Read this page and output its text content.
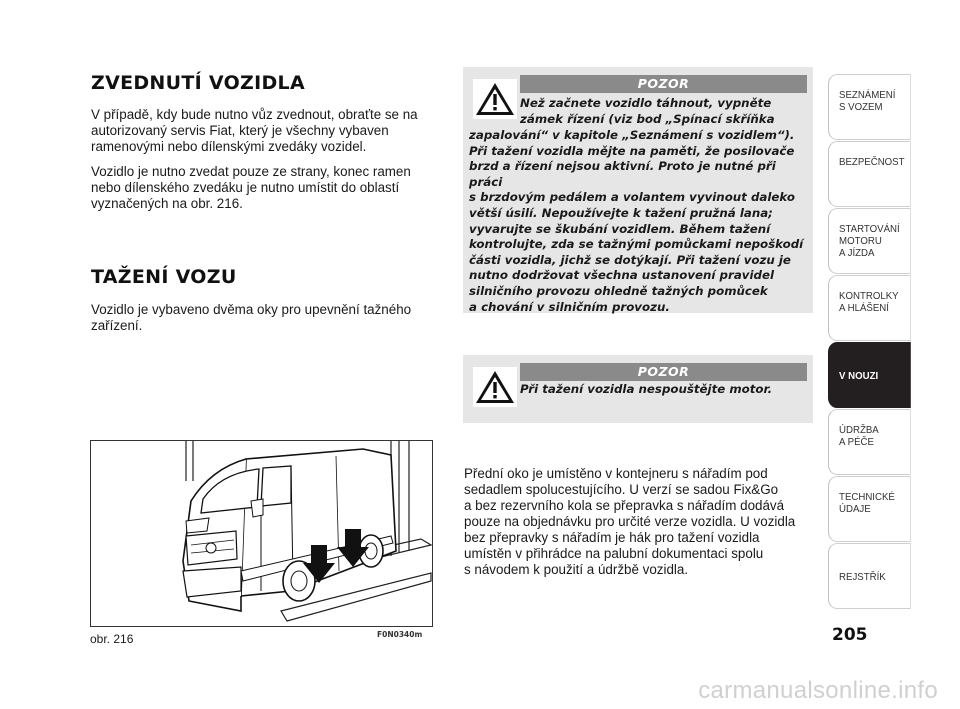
ZVEDNUTÍ VOZIDLA

V případě, kdy bude nutno vůz zvednout, obraťte se na
autorizovaný servis Fiat, který je všechny vybaven
ramenovými nebo dílenskými zvedáky vozidel.

Vozidlo je nutno zvedat pouze ze strany, konec ramen
nebo dílenského zvedáku je nutno umístit do oblastí
vyznačených na obr. 216.

TAŽENÍ VOZU

Vozidlo je vybaveno dvěma oky pro upevnění tažného
zařízení.

POZOR

Než začnete vozidlo táhnout, vypněte
zámek řízení (viz bod „Spínací skříňka

zapalování“ v kapitole „Seznámení s vozidlem“).
Při tažení vozidla mějte na paměti, že posilovače
brzd a řízení nejsou aktivní. Proto je nutné při práci
s brzdovým pedálem a volantem vyvinout daleko
větší úsilí. Nepoužívejte k tažení pružná lana;
vyvarujte se škubání vozidlem. Během tažení
kontrolujte, zda se tažnými pomůckami nepoškodí
části vozidla, jichž se dotýkají. Při tažení vozu je
nutno dodržovat všechna ustanovení pravidel
silničního provozu ohledně tažných pomůcek
a chování v silničním provozu.

POZOR

Při tažení vozidla nespouštějte motor.

Přední oko je umístěno v kontejneru s nářadím pod
sedadlem spolucestujícího. U verzí se sadou Fix&Go
a bez rezervního kola se přepravka s nářadím dodává
pouze na objednávku pro určité verze vozidla. U vozidla
bez přepravky s nářadím je hák pro tažení vozidla
umístěn v přihrádce na palubní dokumentaci spolu
s návodem k použití a údržbě vozidla.

obr. 216	F0N0340m
SEZNÁMENÍ
S VOZEM
BEZPEČNOST
STARTOVÁNÍ
MOTORU
A JÍZDA
KONTROLKY
A HLÁŠENÍ
V NOUZI
ÚDRŽBA
A PÉČE
TECHNICKÉ
ÚDAJE
REJSTŘÍK
205
carmanualsonline.info
